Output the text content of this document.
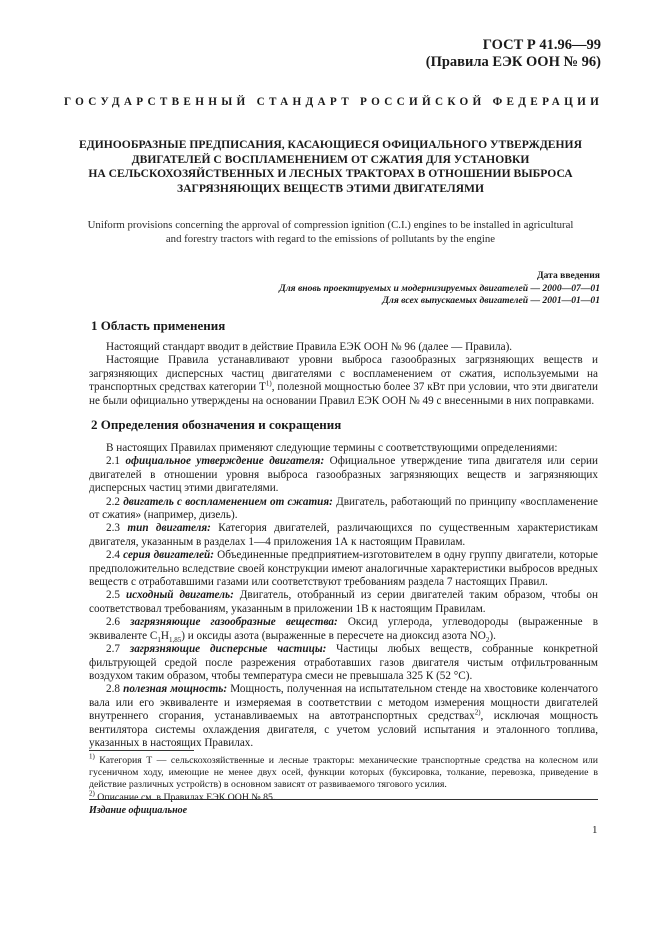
ГОСТ Р 41.96—99
(Правила ЕЭК ООН № 96)
ГОСУДАРСТВЕННЫЙ СТАНДАРТ РОССИЙСКОЙ ФЕДЕРАЦИИ
ЕДИНООБРАЗНЫЕ ПРЕДПИСАНИЯ, КАСАЮЩИЕСЯ ОФИЦИАЛЬНОГО УТВЕРЖДЕНИЯ
ДВИГАТЕЛЕЙ С ВОСПЛАМЕНЕНИЕМ ОТ СЖАТИЯ ДЛЯ УСТАНОВКИ
НА СЕЛЬСКОХОЗЯЙСТВЕННЫХ И ЛЕСНЫХ ТРАКТОРАХ В ОТНОШЕНИИ ВЫБРОСА
ЗАГРЯЗНЯЮЩИХ ВЕЩЕСТВ ЭТИМИ ДВИГАТЕЛЯМИ
Uniform provisions concerning the approval of compression ignition (C.I.) engines to be installed in agricultural
and forestry tractors with regard to the emissions of pollutants by the engine
Дата введения
Для вновь проектируемых и модернизируемых двигателей — 2000—07—01
Для всех выпускаемых двигателей — 2001—01—01
1 Область применения

Настоящий стандарт вводит в действие Правила ЕЭК ООН № 96 (далее — Правила).

Настоящие Правила устанавливают уровни выброса газообразных загрязняющих веществ и загрязняющих дисперсных частиц двигателями с воспламенением от сжатия, используемыми на транспортных средствах категории $Т^{1)}$, полезной мощностью более 37 кВт при условии, что эти двигатели не были официально утверждены на основании Правил ЕЭК ООН № 49 с внесенными в них поправками.

2 Определения обозначения и сокращения

В настоящих Правилах применяют следующие термины с соответствующими определениями:

2.1 официальное утверждение двигателя: Официальное утверждение типа двигателя или серии двигателей в отношении уровня выброса газообразных загрязняющих веществ и загрязняющих дисперсных частиц этими двигателями.

2.2 двигатель с воспламенением от сжатия: Двигатель, работающий по принципу «воспламенение от сжатия» (например, дизель).

2.3 тип двигателя: Категория двигателей, различающихся по существенным характеристикам двигателя, указанным в разделах 1—4 приложения 1А к настоящим Правилам.

2.4 серия двигателей: Объединенные предприятием-изготовителем в одну группу двигатели, которые предположительно вследствие своей конструкции имеют аналогичные характеристики выбросов вредных веществ с отработавшими газами или соответствуют требованиям раздела 7 настоящих Правил.

2.5 исходный двигатель: Двигатель, отобранный из серии двигателей таким образом, чтобы он соответствовал требованиям, указанным в приложении 1В к настоящим Правилам.

2.6 загрязняющие газообразные вещества: Оксид углерода, углеводороды (выраженные в эквиваленте $C_1H_{1,85}$) и оксиды азота (выраженные в пересчете на диоксид азота $NO_2$).

2.7 загрязняющие дисперсные частицы: Частицы любых веществ, собранные конкретной фильтрующей средой после разрежения отработавших газов двигателя чистым отфильтрованным воздухом таким образом, чтобы температура смеси не превышала 325 К (52 °С).

2.8 полезная мощность: Мощность, полученная на испытательном стенде на хвостовике коленчатого вала или его эквиваленте и измеряемая в соответствии с методом измерения мощности двигателей внутреннего сгорания, устанавливаемых на автотранспортных средствах$^{2)}$, исключая мощность вентилятора системы охлаждения двигателя, с учетом условий испытания и эталонного топлива, указанных в настоящих Правилах.

$^{1)}$ Категория Т — сельскохозяйственные и лесные тракторы: механические транспортные средства на колесном или гусеничном ходу, имеющие не менее двух осей, функции которых (буксировка, толкание, перевозка, приведение в действие различных устройств) в основном зависят от развиваемого тягового усилия.

$^{2)}$ Описание см. в Правилах ЕЭК ООН № 85.

Издание официальное
1
